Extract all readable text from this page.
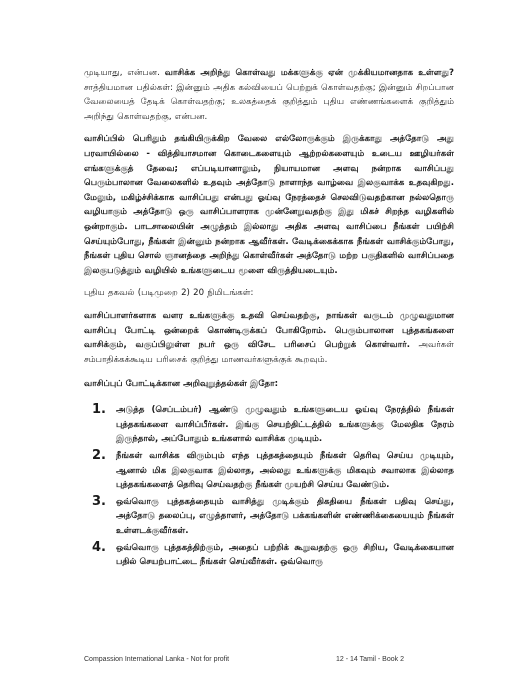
முடியாது, என்பன. வாசிக்க அறிந்து கொள்வது மக்களுக்கு ஏன் முக்கியமானதாக உள்ளது? சாத்தியமான பதில்கள்: இன்னும் அதிக கல்வியைப் பெற்றுக் கொள்வதற்கு; இன்னும் சிறப்பான வேலையைத் தேடிக் கொள்வதற்கு; உலகத்தைக் குறித்தும் புதிய எண்ணங்களைக் குறித்தும் அறிந்து கொள்வதற்கு, என்பன.

வாசிப்பில் பெரிதும் தங்கியிருக்கிற வேலை எல்லோருக்கும் இருக்காது அத்தோடு அது பரவாயில்லை - வித்தியாசமான கொடைகளையும் ஆற்றல்களையும் உடைய ஊழியர்கள் எங்களுக்குத் தேவை; எப்படியானாலும், நியாயமான அளவு நன்றாக வாசிப்பது பெரும்பாலான வேலைகளில் உதவும் அத்தோடு நாளாந்த வாழ்வை இலகுவாக்க உதவுகிறது. மேலும், மகிழ்ச்சிக்காக வாசிப்பது என்பது ஓய்வு நேரத்தைச் செலவிடுவதற்கான நல்லதொரு வழியாகும் அத்தோடு ஒரு வாசிப்பாளராக முன்னேறுவதற்கு இது மிகச் சிறந்த வழிகளில் ஒன்றாகும். பாடசாலையின் அழுத்தம் இல்லாது அதிக அளவு வாசிப்பை நீங்கள் பயிற்சி செய்யும்போது, நீங்கள் இன்னும் நன்றாக ஆவீர்கள். வேடிக்கைக்காக நீங்கள் வாசிக்கும்போது, நீங்கள் புதிய சொல் ஞானத்தை அறிந்து கொள்வீர்கள் அத்தோடு மற்ற பகுதிகளில் வாசிப்பதை இலகுபடுத்தும் வழியில் உங்களுடைய மூளை விருத்தியடையும்.

புதிய தகவல் (படிமுறை 2) 20 நிமிடங்கள்:

வாசிப்பாளர்களாக வளர உங்களுக்கு உதவி செய்வதற்கு, நாங்கள் வருடம் முழுவதுமான வாசிப்பு போட்டி ஒன்றைக் கொண்டிருக்கப் போகிறோம். பெரும்பாலான புத்தகங்களை வாசிக்கும், வகுப்பிலுள்ள நபர் ஒரு விசேட பரிசைப் பெற்றுக் கொள்வார். அவர்கள் சம்பாதிக்கக்கூடிய பரிசைக் குறித்து மாணவர்களுக்குக் கூறவும்.

வாசிப்புப் போட்டிக்கான அறிவுறுத்தல்கள் இதோ:
1. அடுத்த (செப்டம்பர்) ஆண்டு முழுவதும் உங்களுடைய ஓய்வு நேரத்தில் நீங்கள் புத்தகங்களை வாசிப்பீர்கள். இங்கு செயற்திட்டத்தில் உங்களுக்கு மேலதிக நேரம் இருந்தால், அப்போதும் உங்களால் வாசிக்க முடியும்.
2. நீங்கள் வாசிக்க விரும்பும் எந்த புத்தகத்தையும் நீங்கள் தெரிவு செய்ய முடியும், ஆனால் மிக இலகுவாக இல்லாத, அல்லது உங்களுக்கு மிகவும் சவாலாக இல்லாத புத்தகங்களைத் தெரிவு செய்வதற்கு நீங்கள் முயற்சி செய்ய வேண்டும்.
3. ஒவ்வொரு புத்தகத்தையும் வாசித்து முடிக்கும் திகதியை நீங்கள் பதிவு செய்து, அத்தோடு தலைப்பு, எழுத்தாளர், அத்தோடு பக்கங்களின் எண்ணிக்கையையும் நீங்கள் உள்ளடக்குவீர்கள்.
4. ஒவ்வொரு புத்தகத்திற்கும், அதைப் பற்றிக் கூறுவதற்கு ஒரு சிறிய, வேடிக்கையான பதில் செயற்பாட்டை நீங்கள் செய்வீர்கள். ஒவ்வொரு
Compassion International Lanka - Not for profit	12 - 14 Tamil - Book 2
